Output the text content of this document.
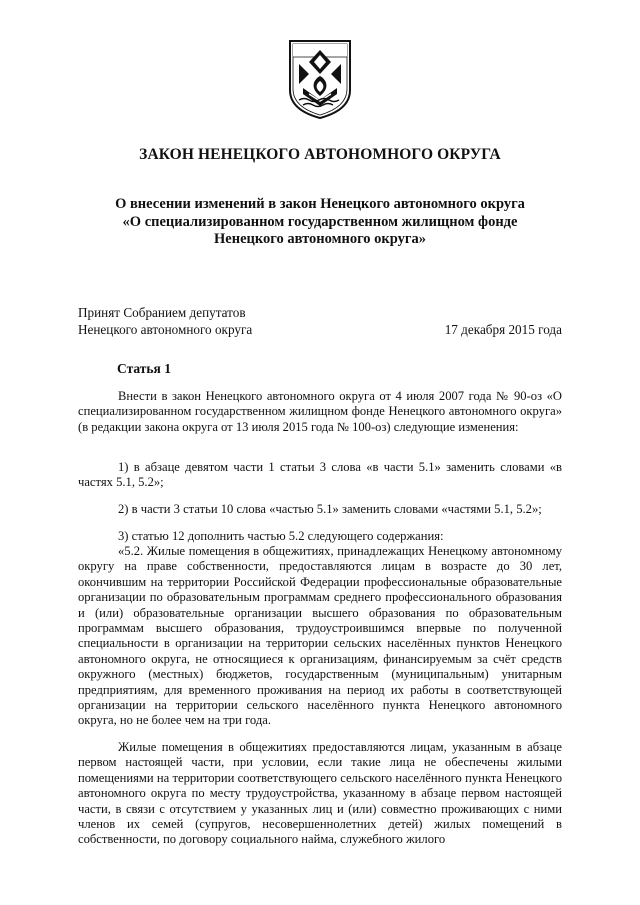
ЗАКОН НЕНЕЦКОГО АВТОНОМНОГО ОКРУГА
О внесении изменений в закон Ненецкого автономного округа
«О специализированном государственном жилищном фонде
Ненецкого автономного округа»
Принят Собранием депутатов
Ненецкого автономного округа	17 декабря 2015 года
Статья 1

Внести в закон Ненецкого автономного округа от 4 июля 2007 года № 90-оз «О специализированном государственном жилищном фонде Ненецкого автономного округа» (в редакции закона округа от 13 июля 2015 года № 100-оз) следующие изменения:

1) в абзаце девятом части 1 статьи 3 слова «в части 5.1» заменить словами «в частях 5.1, 5.2»;

2) в части 3 статьи 10 слова «частью 5.1» заменить словами «частями 5.1, 5.2»;

3) статью 12 дополнить частью 5.2 следующего содержания:

«5.2. Жилые помещения в общежитиях, принадлежащих Ненецкому автономному округу на праве собственности, предоставляются лицам в возрасте до 30 лет, окончившим на территории Российской Федерации профессиональные образовательные организации по образовательным программам среднего профессионального образования и (или) образовательные организации высшего образования по образовательным программам высшего образования, трудоустроившимся впервые по полученной специальности в организации на территории сельских населённых пунктов Ненецкого автономного округа, не относящиеся к организациям, финансируемым за счёт средств окружного (местных) бюджетов, государственным (муниципальным) унитарным предприятиям, для временного проживания на период их работы в соответствующей организации на территории сельского населённого пункта Ненецкого автономного округа, но не более чем на три года.

Жилые помещения в общежитиях предоставляются лицам, указанным в абзаце первом настоящей части, при условии, если такие лица не обеспечены жилыми помещениями на территории соответствующего сельского населённого пункта Ненецкого автономного округа по месту трудоустройства, указанному в абзаце первом настоящей части, в связи с отсутствием у указанных лиц и (или) совместно проживающих с ними членов их семей (супругов, несовершеннолетних детей) жилых помещений в собственности, по договору социального найма, служебного жилого
